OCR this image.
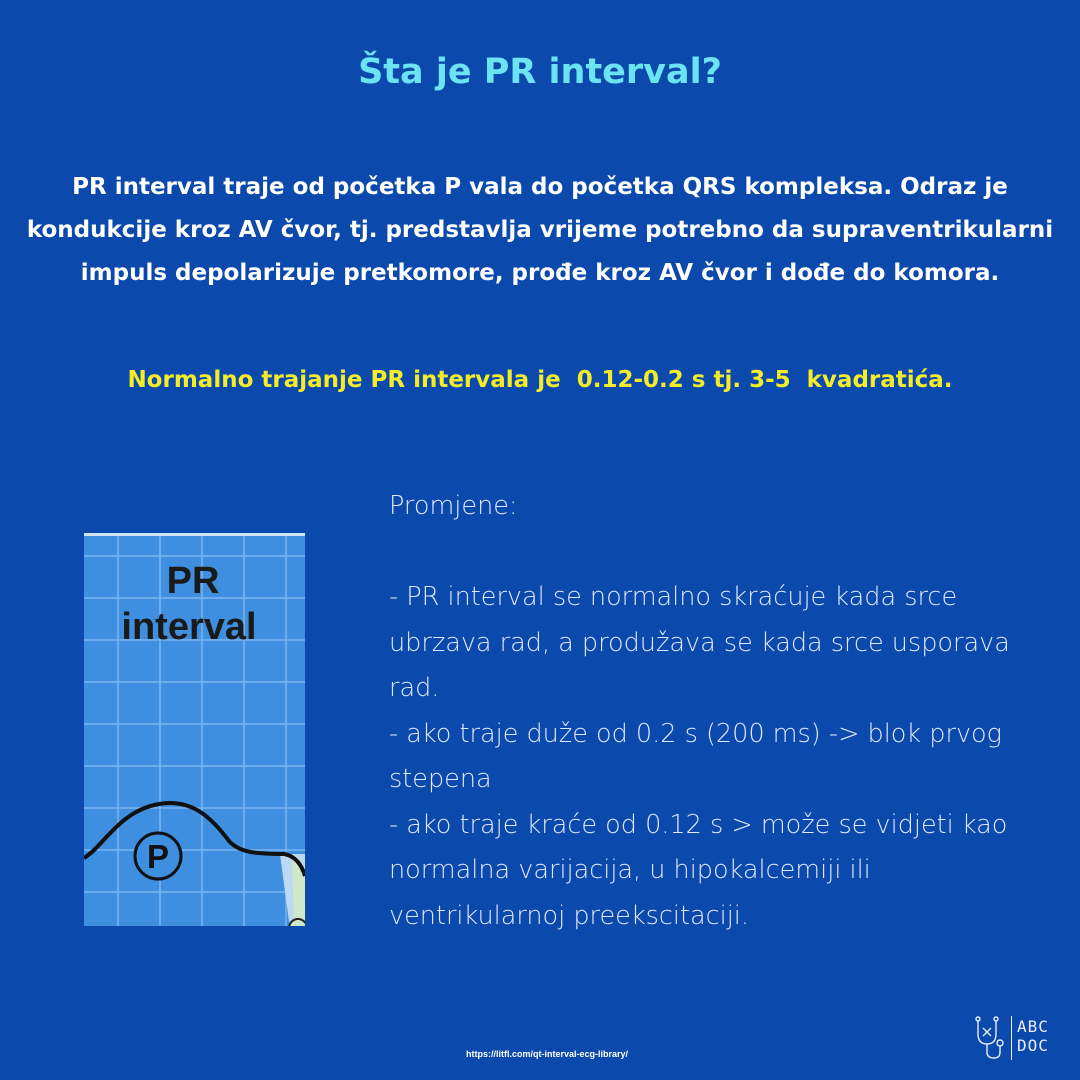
Šta je PR interval?
PR interval traje od početka P vala do početka QRS kompleksa. Odraz je kondukcije kroz AV čvor, tj. predstavlja vrijeme potrebno da supraventrikularni impuls depolarizuje pretkomore, prođe kroz AV čvor i dođe do komora.
Normalno trajanje PR intervala je  0.12-0.2 s tj. 3-5  kvadratića.
P
PR
interval

Promjene:

- PR interval se normalno skraćuje kada srce ubrzava rad, a produžava se kada srce usporava rad.

- ako traje duže od 0.2 s (200 ms) -> blok prvog stepena

- ako traje kraće od 0.12 s > može se vidjeti kao normalna varijacija, u hipokalcemiji ili ventrikularnoj preekscitaciji.

https://litfl.com/qt-interval-ecg-library/
ABC
DOC
